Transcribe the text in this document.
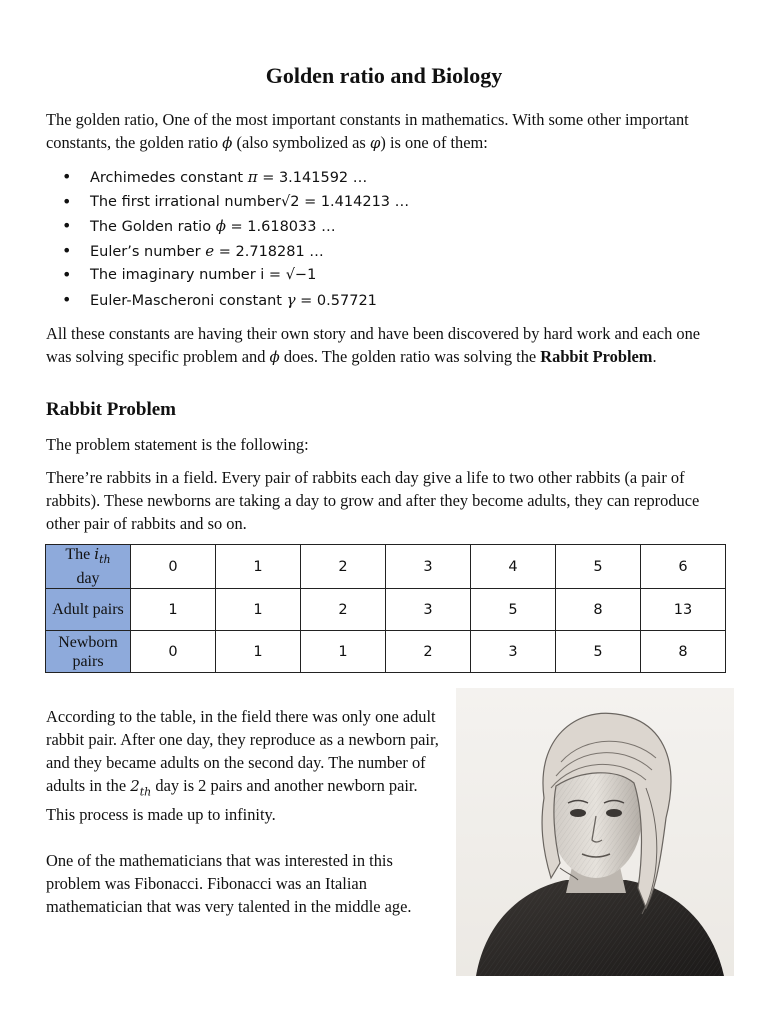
Golden ratio and Biology

The golden ratio, One of the most important constants in mathematics. With some other important constants, the golden ratio ϕ (also symbolized as φ) is one of them:

• Archimedes constant π = 3.141592 …
• The first irrational number√2 = 1.414213 …
• The Golden ratio ϕ = 1.618033 …
• Euler’s number e = 2.718281 …
• The imaginary number i = √−1
• Euler-Mascheroni constant γ = 0.57721

All these constants are having their own story and have been discovered by hard work and each one was solving specific problem and ϕ does. The golden ratio was solving the Rabbit Problem.

Rabbit Problem

The problem statement is the following:

There’re rabbits in a field. Every pair of rabbits each day give a life to two other rabbits (a pair of rabbits). These newborns are taking a day to grow and after they become adults, they can reproduce other pair of rabbits and so on.

The $i_{th}$
day	0	1	2	3	4	5	6
Adult pairs	1	1	2	3	5	8	13
Newborn pairs	0	1	1	2	3	5	8

According to the table, in the field there was only one adult rabbit pair. After one day, they reproduce as a newborn pair, and they became adults on the second day. The number of adults in the $2_{th}$ day is 2 pairs and another newborn pair. This process is made up to infinity.

One of the mathematicians that was interested in this problem was Fibonacci. Fibonacci was an Italian mathematician that was very talented in the middle age.
